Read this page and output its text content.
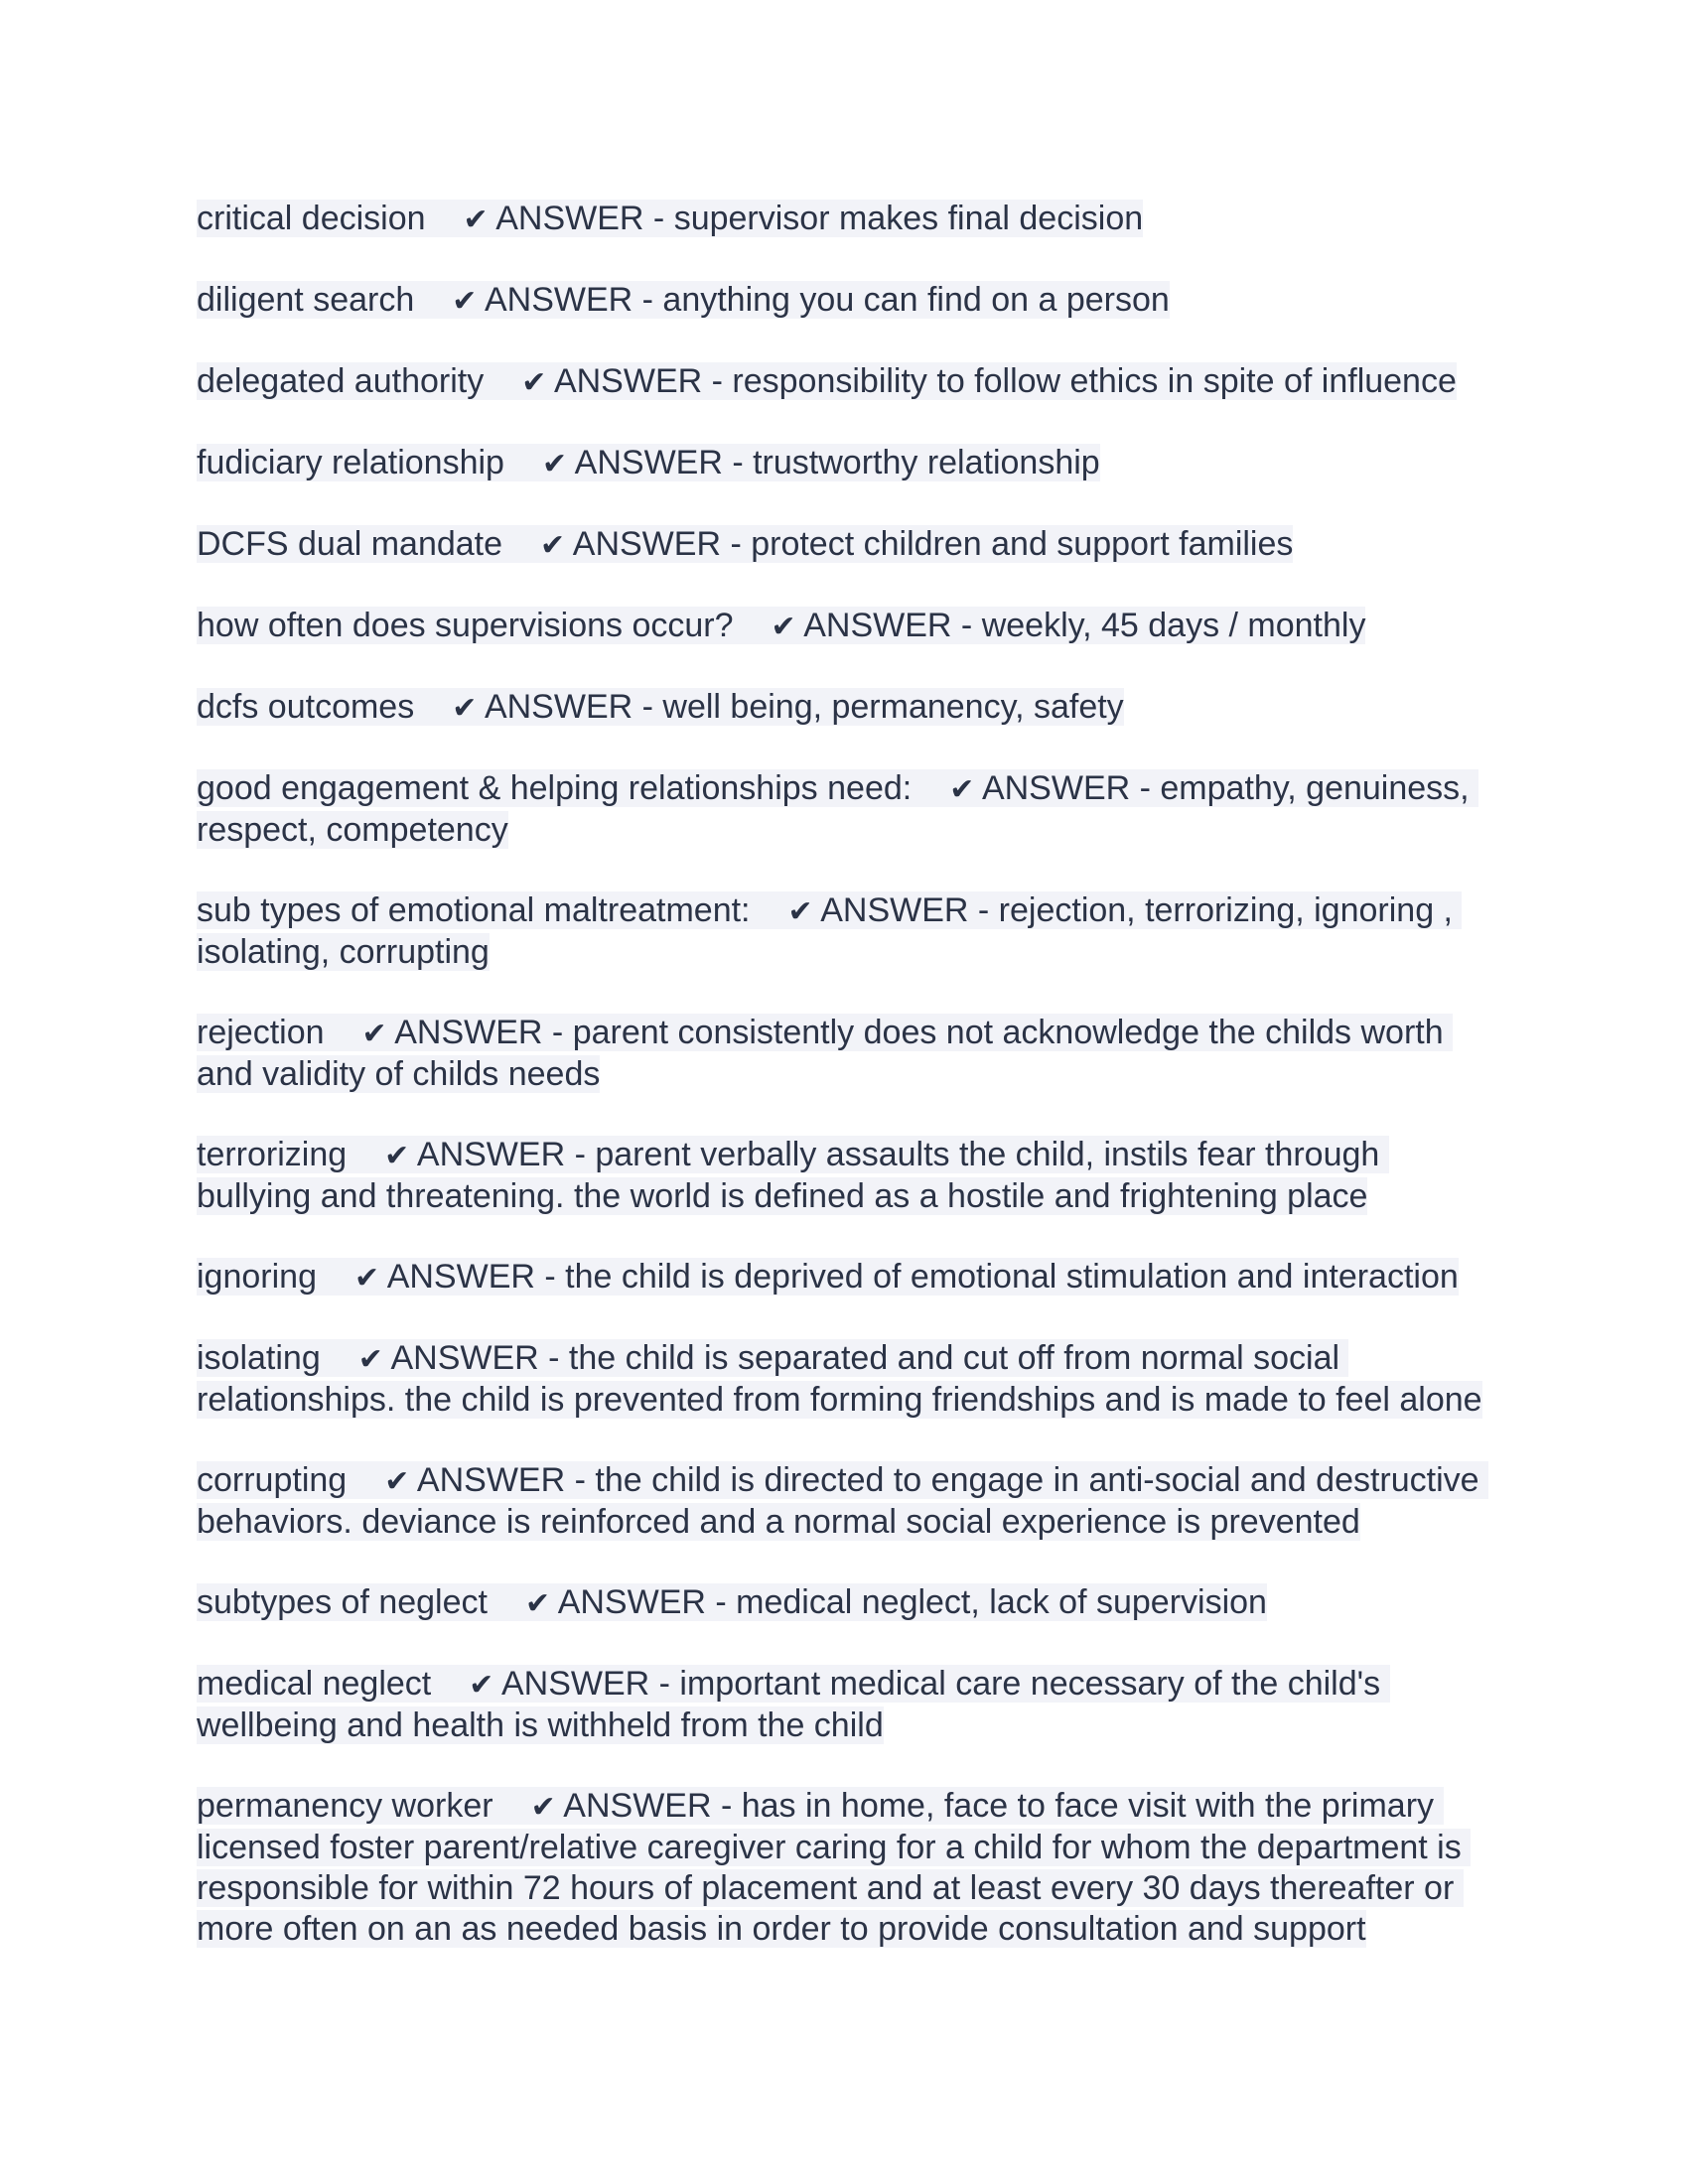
critical decision ✔ ANSWER - supervisor makes final decision

diligent search ✔ ANSWER - anything you can find on a person

delegated authority ✔ ANSWER - responsibility to follow ethics in spite of influence

fudiciary relationship ✔ ANSWER - trustworthy relationship

DCFS dual mandate ✔ ANSWER - protect children and support families

how often does supervisions occur? ✔ ANSWER - weekly, 45 days / monthly

dcfs outcomes ✔ ANSWER - well being, permanency, safety

good engagement & helping relationships need: ✔ ANSWER - empathy, genuiness, respect, competency

sub types of emotional maltreatment: ✔ ANSWER - rejection, terrorizing, ignoring , isolating, corrupting

rejection ✔ ANSWER - parent consistently does not acknowledge the childs worth and validity of childs needs

terrorizing ✔ ANSWER - parent verbally assaults the child, instils fear through bullying and threatening. the world is defined as a hostile and frightening place

ignoring ✔ ANSWER - the child is deprived of emotional stimulation and interaction

isolating ✔ ANSWER - the child is separated and cut off from normal social relationships. the child is prevented from forming friendships and is made to feel alone

corrupting ✔ ANSWER - the child is directed to engage in anti-social and destructive behaviors. deviance is reinforced and a normal social experience is prevented

subtypes of neglect ✔ ANSWER - medical neglect, lack of supervision

medical neglect ✔ ANSWER - important medical care necessary of the child's wellbeing and health is withheld from the child

permanency worker ✔ ANSWER - has in home, face to face visit with the primary licensed foster parent/relative caregiver caring for a child for whom the department is responsible for within 72 hours of placement and at least every 30 days thereafter or more often on an as needed basis in order to provide consultation and support
